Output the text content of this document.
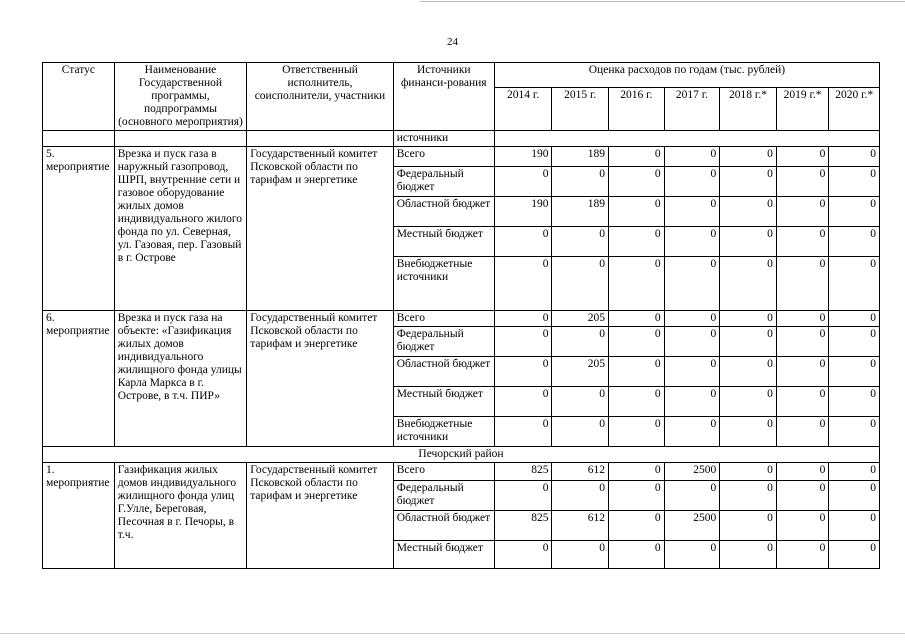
24
Статус	Наименование Государственной программы, подпрограммы (основного мероприятия)	Ответственный исполнитель, соисполнители, участники	Источники финанси-рования	Оценка расходов по годам (тыс. рублей)						
				2014 г.	2015 г.	2016 г.	2017 г.	2018 г.*	2019 г.*	2020 г.*
			источники							
5. мероприятие	Врезка и пуск газа в наружный газопровод, ШРП, внутренние сети и газовое оборудование жилых домов индивидуального жилого фонда по ул. Северная, ул. Газовая, пер. Газовый в г. Острове	Государственный комитет Псковской области по тарифам и энергетике	Всего	190	189	0	0	0	0	0
			Федеральный бюджет	0	0	0	0	0	0	0
			Областной бюджет	190	189	0	0	0	0	0
			Местный бюджет	0	0	0	0	0	0	0
			Внебюджетные источники	0	0	0	0	0	0	0
6. мероприятие	Врезка и пуск газа на объекте: «Газификация жилых домов индивидуального жилищного фонда улицы Карла Маркса в г. Острове, в т.ч. ПИР»	Государственный комитет Псковской области по тарифам и энергетике	Всего	0	205	0	0	0	0	0
			Федеральный бюджет	0	0	0	0	0	0	0
			Областной бюджет	0	205	0	0	0	0	0
			Местный бюджет	0	0	0	0	0	0	0
			Внебюджетные источники	0	0	0	0	0	0	0
Печорский район										
1. мероприятие	Газификация жилых домов индивидуального жилищного фонда улиц Г.Улле, Береговая, Песочная в г. Печоры, в т.ч.	Государственный комитет Псковской области по тарифам и энергетике	Всего	825	612	0	2500	0	0	0
			Федеральный бюджет	0	0	0	0	0	0	0
			Областной бюджет	825	612	0	2500	0	0	0
			Местный бюджет	0	0	0	0	0	0	0
